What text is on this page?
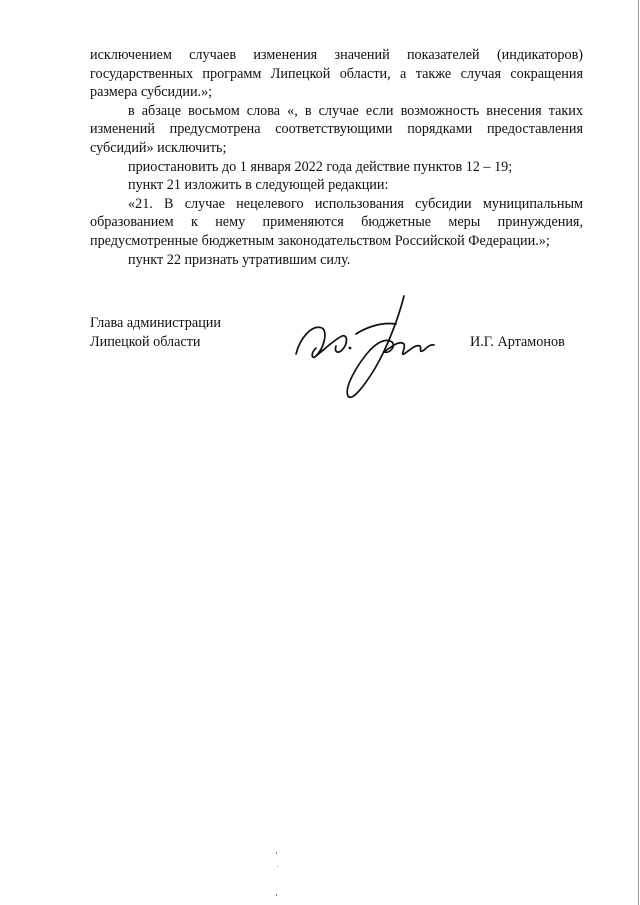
исключением случаев изменения значений показателей (индикаторов) государственных программ Липецкой области, а также случая сокращения размера субсидии.»;

в абзаце восьмом слова «, в случае если возможность внесения таких изменений предусмотрена соответствующими порядками предоставления субсидий» исключить;

приостановить до 1 января 2022 года действие пунктов 12 – 19;

пункт 21 изложить в следующей редакции:

«21. В случае нецелевого использования субсидии муниципальным образованием к нему применяются бюджетные меры принуждения, предусмотренные бюджетным законодательством Российской Федерации.»;

пункт 22 признать утратившим силу.

Глава администрации
Липецкой области	И.Г. Артамонов
